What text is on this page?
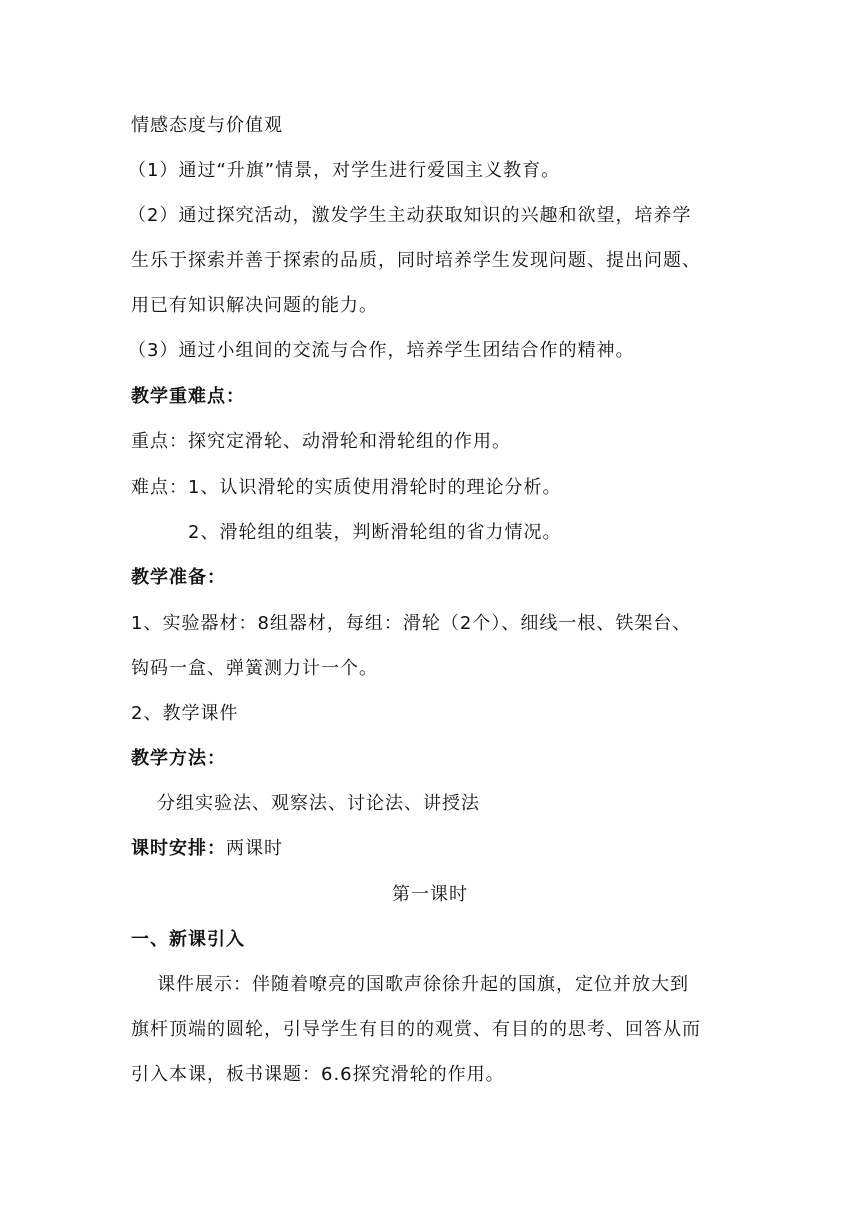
情感态度与价值观
（1）通过“升旗”情景，对学生进行爱国主义教育。
（2）通过探究活动，激发学生主动获取知识的兴趣和欲望，培养学
生乐于探索并善于探索的品质，同时培养学生发现问题、提出问题、
用已有知识解决问题的能力。
（3）通过小组间的交流与合作，培养学生团结合作的精神。
教学重难点：
重点：探究定滑轮、动滑轮和滑轮组的作用。
难点：1、认识滑轮的实质使用滑轮时的理论分析。
2、滑轮组的组装，判断滑轮组的省力情况。
教学准备：
1、实验器材：8组器材，每组：滑轮（2个）、细线一根、铁架台、
钩码一盒、弹簧测力计一个。
2、教学课件
教学方法：
分组实验法、观察法、讨论法、讲授法
课时安排：两课时
第一课时
一、新课引入
课件展示：伴随着嘹亮的国歌声徐徐升起的国旗，定位并放大到
旗杆顶端的圆轮，引导学生有目的的观赏、有目的的思考、回答从而
引入本课，板书课题：6.6探究滑轮的作用。
